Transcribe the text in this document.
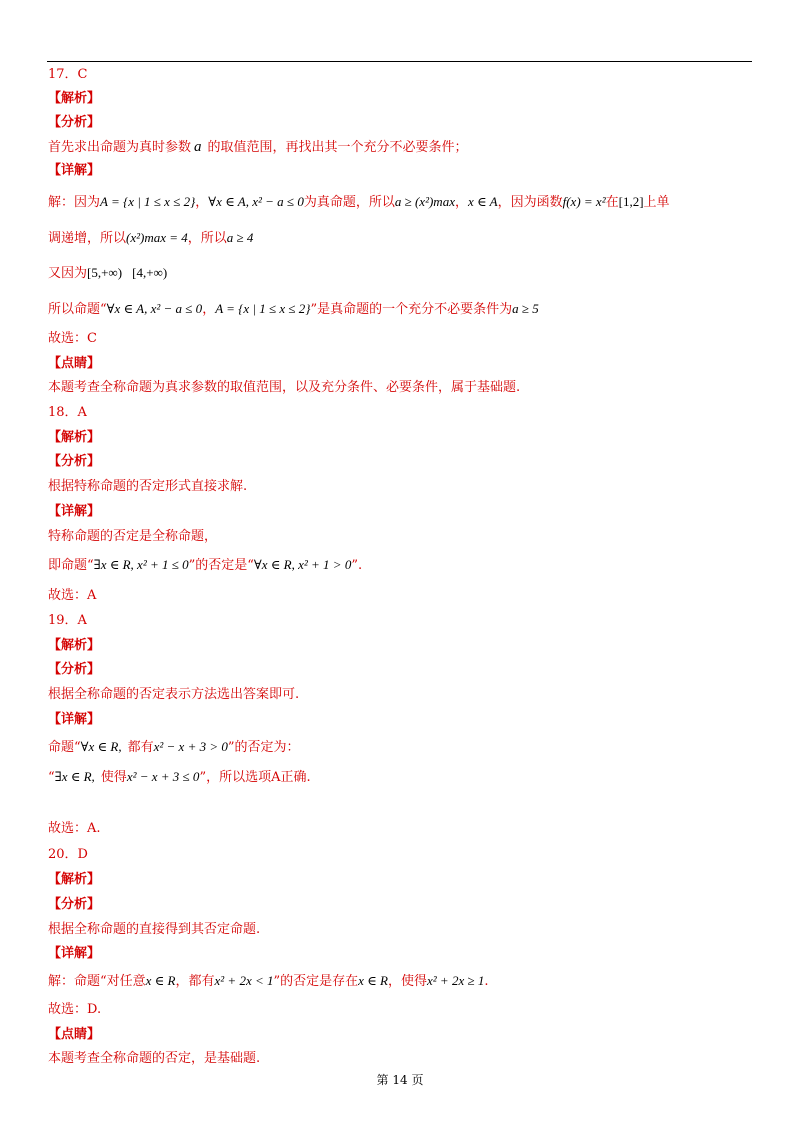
17．C
【解析】
【分析】
首先求出命题为真时参数 a 的取值范围，再找出其一个充分不必要条件；
【详解】
解：因为A = {x | 1 ≤ x ≤ 2}，∀x ∈ A, x² − a ≤ 0为真命题，所以a ≥ (x²)max，x ∈ A，因为函数f(x) = x²在[1,2]上单
调递增，所以(x²)max = 4，所以a ≥ 4
又因为[5,+∞) [4,+∞)
所以命题“∀x ∈ A, x² − a ≤ 0，A = {x | 1 ≤ x ≤ 2}”是真命题的一个充分不必要条件为a ≥ 5
故选：C
【点睛】
本题考查全称命题为真求参数的取值范围，以及充分条件、必要条件，属于基础题.
18．A
【解析】
【分析】
根据特称命题的否定形式直接求解.
【详解】
特称命题的否定是全称命题，
即命题“∃x ∈ R, x² + 1 ≤ 0”的否定是“∀x ∈ R, x² + 1 > 0”.
故选：A
19．A
【解析】
【分析】
根据全称命题的否定表示方法选出答案即可.
【详解】
命题“∀x ∈ R, 都有x² − x + 3 > 0”的否定为：
“∃x ∈ R, 使得x² − x + 3 ≤ 0”，所以选项A正确.
故选：A.
20．D
【解析】
【分析】
根据全称命题的直接得到其否定命题.
【详解】
解：命题“对任意x ∈ R，都有x² + 2x < 1”的否定是存在x ∈ R，使得x² + 2x ≥ 1.
故选：D.
【点睛】
本题考查全称命题的否定，是基础题.
第 14 页
